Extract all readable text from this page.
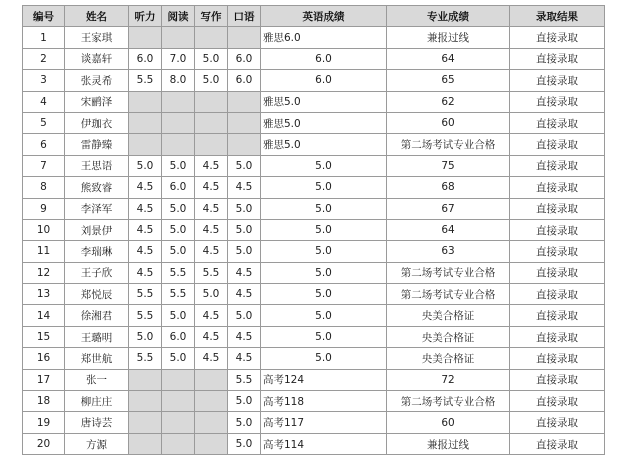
编号	姓名	听力	阅读	写作	口语	英语成绩	专业成绩	录取结果
1	王家琪					雅思6.0	兼报过线	直接录取
2	谈嘉轩	6.0	7.0	5.0	6.0	6.0	64	直接录取
3	张灵希	5.5	8.0	5.0	6.0	6.0	65	直接录取
4	宋鹂泽					雅思5.0	62	直接录取
5	伊珈衣					雅思5.0	60	直接录取
6	雷静臻					雅思5.0	第二场考试专业合格	直接录取
7	王思语	5.0	5.0	4.5	5.0	5.0	75	直接录取
8	熊致睿	4.5	6.0	4.5	4.5	5.0	68	直接录取
9	李泽军	4.5	5.0	4.5	5.0	5.0	67	直接录取
10	刘景伊	4.5	5.0	4.5	5.0	5.0	64	直接录取
11	李瑞琳	4.5	5.0	4.5	5.0	5.0	63	直接录取
12	王子欣	4.5	5.5	5.5	4.5	5.0	第二场考试专业合格	直接录取
13	郑悦辰	5.5	5.5	5.0	4.5	5.0	第二场考试专业合格	直接录取
14	徐湘君	5.5	5.0	4.5	5.0	5.0	央美合格证	直接录取
15	王璐明	5.0	6.0	4.5	4.5	5.0	央美合格证	直接录取
16	郑世航	5.5	5.0	4.5	4.5	5.0	央美合格证	直接录取
17	张一				5.5	高考124	72	直接录取
18	柳庄庄				5.0	高考118	第二场考试专业合格	直接录取
19	唐诗芸				5.0	高考117	60	直接录取
20	方源				5.0	高考114	兼报过线	直接录取
